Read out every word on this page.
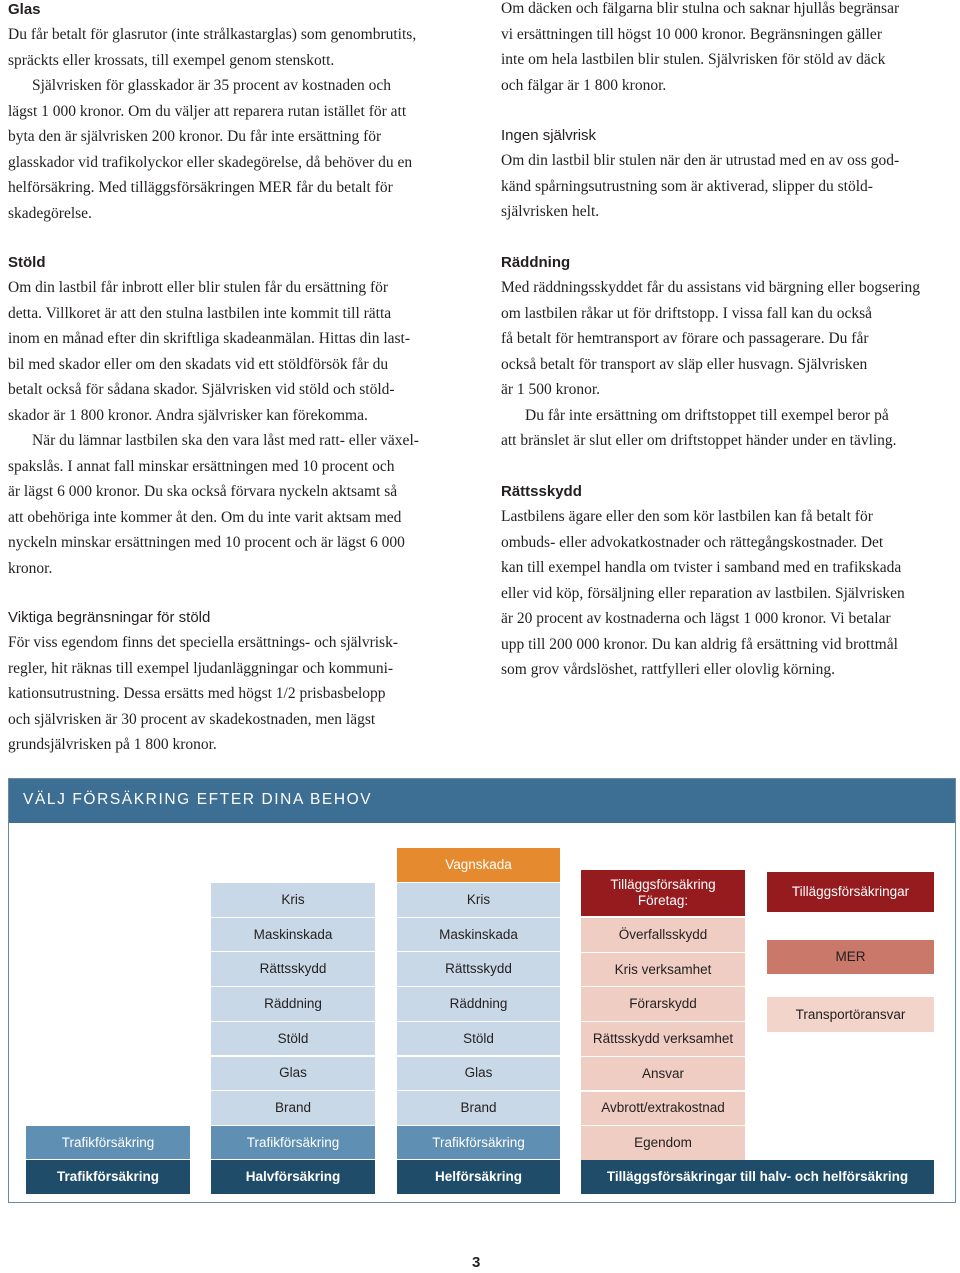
Glas

Du får betalt för glasrutor (inte strålkastarglas) som genombrutits,
spräckts eller krossats, till exempel genom stenskott.

Självrisken för glasskador är 35 procent av kostnaden och
lägst 1 000 kronor. Om du väljer att reparera rutan istället för att
byta den är självrisken 200 kronor. Du får inte ersättning för
glasskador vid trafikolyckor eller skadegörelse, då behöver du en
helförsäkring. Med tilläggsförsäkringen MER får du betalt för
skadegörelse.

Stöld

Om din lastbil får inbrott eller blir stulen får du ersättning för
detta. Villkoret är att den stulna lastbilen inte kommit till rätta
inom en månad efter din skriftliga skadeanmälan. Hittas din last-
bil med skador eller om den skadats vid ett stöldförsök får du
betalt också för sådana skador. Självrisken vid stöld och stöld-
skador är 1 800 kronor. Andra självrisker kan förekomma.

När du lämnar lastbilen ska den vara låst med ratt- eller växel-
spakslås. I annat fall minskar ersättningen med 10 procent och
är lägst 6 000 kronor. Du ska också förvara nyckeln aktsamt så
att obehöriga inte kommer åt den. Om du inte varit aktsam med
nyckeln minskar ersättningen med 10 procent och är lägst 6 000
kronor.

Viktiga begränsningar för stöld

För viss egendom finns det speciella ersättnings- och självrisk-
regler, hit räknas till exempel ljudanläggningar och kommuni-
kationsutrustning. Dessa ersätts med högst 1/2 prisbasbelopp
och självrisken är 30 procent av skadekostnaden, men lägst
grundsjälvrisken på 1 800 kronor.

Om däcken och fälgarna blir stulna och saknar hjullås begränsar
vi ersättningen till högst 10 000 kronor. Begränsningen gäller
inte om hela lastbilen blir stulen. Självrisken för stöld av däck
och fälgar är 1 800 kronor.

Ingen självrisk

Om din lastbil blir stulen när den är utrustad med en av oss god-
känd spårningsutrustning som är aktiverad, slipper du stöld-
självrisken helt.

Räddning

Med räddningsskyddet får du assistans vid bärgning eller bogsering
om lastbilen råkar ut för driftstopp. I vissa fall kan du också
få betalt för hemtransport av förare och passagerare. Du får
också betalt för transport av släp eller husvagn. Självrisken
är 1 500 kronor.

Du får inte ersättning om driftstoppet till exempel beror på
att bränslet är slut eller om driftstoppet händer under en tävling.

Rättsskydd

Lastbilens ägare eller den som kör lastbilen kan få betalt för
ombuds- eller advokatkostnader och rättegångskostnader. Det
kan till exempel handla om tvister i samband med en trafikskada
eller vid köp, försäljning eller reparation av lastbilen. Självrisken
är 20 procent av kostnaderna och lägst 1 000 kronor. Vi betalar
upp till 200 000 kronor. Du kan aldrig få ersättning vid brottmål
som grov vårdslöshet, rattfylleri eller olovlig körning.

VÄLJ FÖRSÄKRING EFTER DINA BEHOV
Trafikförsäkring
Trafikförsäkring
Kris
Maskinskada
Rättsskydd
Räddning
Stöld
Glas
Brand
Trafikförsäkring
Halvförsäkring
Vagnskada
Kris
Maskinskada
Rättsskydd
Räddning
Stöld
Glas
Brand
Trafikförsäkring
Helförsäkring
Tilläggsförsäkring
Företag:
Överfallsskydd
Kris verksamhet
Förarskydd
Rättsskydd verksamhet
Ansvar
Avbrott/extrakostnad
Egendom
Tilläggsförsäkringar
MER
Transportöransvar
Tilläggsförsäkringar till halv- och helförsäkring
3
